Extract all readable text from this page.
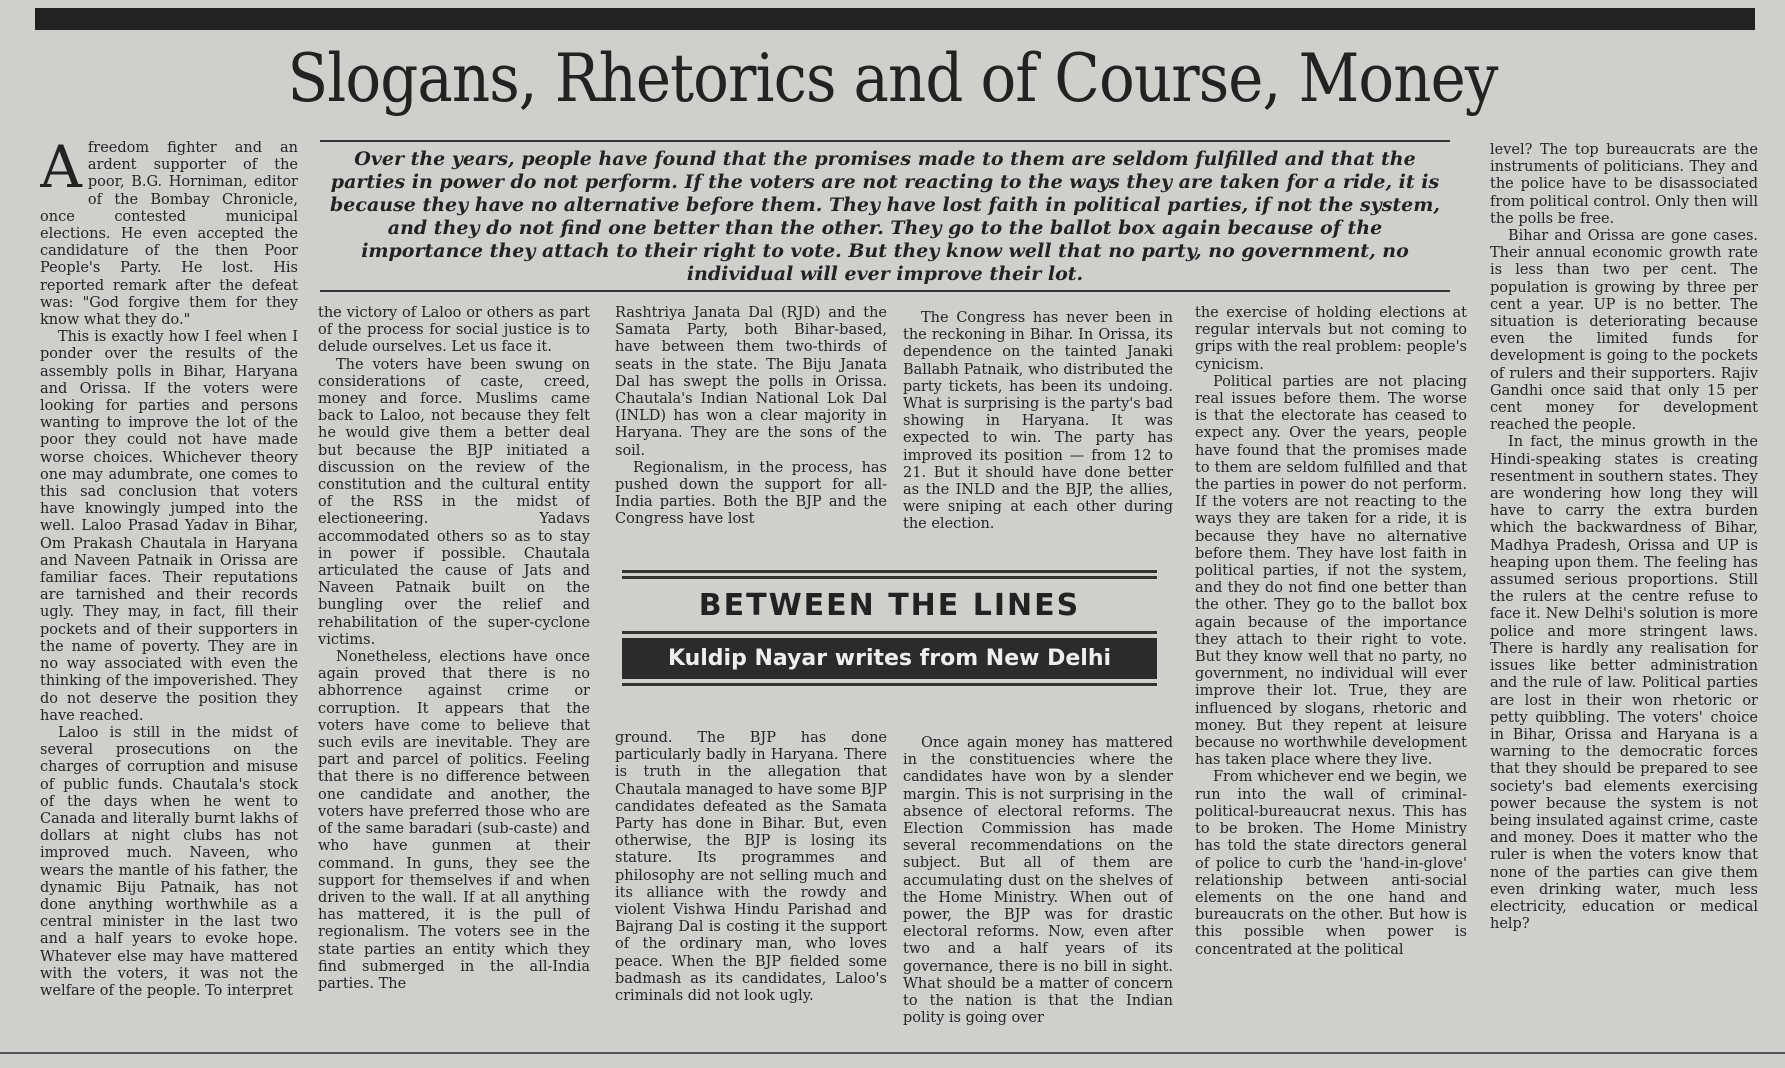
Slogans, Rhetorics and of Course, Money

Afreedom fighter and an ardent supporter of the poor, B.G. Horniman, editor of the Bombay Chronicle, once contested municipal elections. He even accepted the candidature of the then Poor People's Party. He lost. His reported remark after the defeat was: "God forgive them for they know what they do."

This is exactly how I feel when I ponder over the results of the assembly polls in Bihar, Haryana and Orissa. If the voters were looking for parties and persons wanting to improve the lot of the poor they could not have made worse choices. Whichever theory one may adumbrate, one comes to this sad conclusion that voters have knowingly jumped into the well. Laloo Prasad Yadav in Bihar, Om Prakash Chautala in Haryana and Naveen Patnaik in Orissa are familiar faces. Their reputations are tarnished and their records ugly. They may, in fact, fill their pockets and of their supporters in the name of poverty. They are in no way associated with even the thinking of the impoverished. They do not deserve the position they have reached.

Laloo is still in the midst of several prosecutions on the charges of corruption and misuse of public funds. Chautala's stock of the days when he went to Canada and literally burnt lakhs of dollars at night clubs has not improved much. Naveen, who wears the mantle of his father, the dynamic Biju Patnaik, has not done anything worthwhile as a central minister in the last two and a half years to evoke hope. Whatever else may have mattered with the voters, it was not the welfare of the people. To interpret

Over the years, people have found that the promises made to them are seldom fulfilled and that the parties in power do not perform. If the voters are not reacting to the ways they are taken for a ride, it is because they have no alternative before them. They have lost faith in political parties, if not the system, and they do not find one better than the other. They go to the ballot box again because of the importance they attach to their right to vote. But they know well that no party, no government, no individual will ever improve their lot.

the victory of Laloo or others as part of the process for social justice is to delude ourselves. Let us face it.

The voters have been swung on considerations of caste, creed, money and force. Muslims came back to Laloo, not because they felt he would give them a better deal but because the BJP initiated a discussion on the review of the constitution and the cultural entity of the RSS in the midst of electioneering. Yadavs accommodated others so as to stay in power if possible. Chautala articulated the cause of Jats and Naveen Patnaik built on the bungling over the relief and rehabilitation of the super-cyclone victims.

Nonetheless, elections have once again proved that there is no abhorrence against crime or corruption. It appears that the voters have come to believe that such evils are inevitable. They are part and parcel of politics. Feeling that there is no difference between one candidate and another, the voters have preferred those who are of the same baradari (sub-caste) and who have gunmen at their command. In guns, they see the support for themselves if and when driven to the wall. If at all anything has mattered, it is the pull of regionalism. The voters see in the state parties an entity which they find submerged in the all-India parties. The

Rashtriya Janata Dal (RJD) and the Samata Party, both Bihar-based, have between them two-thirds of seats in the state. The Biju Janata Dal has swept the polls in Orissa. Chautala's Indian National Lok Dal (INLD) has won a clear majority in Haryana. They are the sons of the soil.

Regionalism, in the process, has pushed down the support for all-India parties. Both the BJP and the Congress have lost

The Congress has never been in the reckoning in Bihar. In Orissa, its dependence on the tainted Janaki Ballabh Patnaik, who distributed the party tickets, has been its undoing. What is surprising is the party's bad showing in Haryana. It was expected to win. The party has improved its position — from 12 to 21. But it should have done better as the INLD and the BJP, the allies, were sniping at each other during the election.

BETWEEN THE LINES
Kuldip Nayar writes from New Delhi

ground. The BJP has done particularly badly in Haryana. There is truth in the allegation that Chautala managed to have some BJP candidates defeated as the Samata Party has done in Bihar. But, even otherwise, the BJP is losing its stature. Its programmes and philosophy are not selling much and its alliance with the rowdy and violent Vishwa Hindu Parishad and Bajrang Dal is costing it the support of the ordinary man, who loves peace. When the BJP fielded some badmash as its candidates, Laloo's criminals did not look ugly.

Once again money has mattered in the constituencies where the candidates have won by a slender margin. This is not surprising in the absence of electoral reforms. The Election Commission has made several recommendations on the subject. But all of them are accumulating dust on the shelves of the Home Ministry. When out of power, the BJP was for drastic electoral reforms. Now, even after two and a half years of its governance, there is no bill in sight. What should be a matter of concern to the nation is that the Indian polity is going over

the exercise of holding elections at regular intervals but not coming to grips with the real problem: people's cynicism.

Political parties are not placing real issues before them. The worse is that the electorate has ceased to expect any. Over the years, people have found that the promises made to them are seldom fulfilled and that the parties in power do not perform. If the voters are not reacting to the ways they are taken for a ride, it is because they have no alternative before them. They have lost faith in political parties, if not the system, and they do not find one better than the other. They go to the ballot box again because of the importance they attach to their right to vote. But they know well that no party, no government, no individual will ever improve their lot. True, they are influenced by slogans, rhetoric and money. But they repent at leisure because no worthwhile development has taken place where they live.

From whichever end we begin, we run into the wall of criminal-political-bureaucrat nexus. This has to be broken. The Home Ministry has told the state directors general of police to curb the 'hand-in-glove' relationship between anti-social elements on the one hand and bureaucrats on the other. But how is this possible when power is concentrated at the political

level? The top bureaucrats are the instruments of politicians. They and the police have to be disassociated from political control. Only then will the polls be free.

Bihar and Orissa are gone cases. Their annual economic growth rate is less than two per cent. The population is growing by three per cent a year. UP is no better. The situation is deteriorating because even the limited funds for development is going to the pockets of rulers and their supporters. Rajiv Gandhi once said that only 15 per cent money for development reached the people.

In fact, the minus growth in the Hindi-speaking states is creating resentment in southern states. They are wondering how long they will have to carry the extra burden which the backwardness of Bihar, Madhya Pradesh, Orissa and UP is heaping upon them. The feeling has assumed serious proportions. Still the rulers at the centre refuse to face it. New Delhi's solution is more police and more stringent laws. There is hardly any realisation for issues like better administration and the rule of law. Political parties are lost in their won rhetoric or petty quibbling. The voters' choice in Bihar, Orissa and Haryana is a warning to the democratic forces that they should be prepared to see society's bad elements exercising power because the system is not being insulated against crime, caste and money. Does it matter who the ruler is when the voters know that none of the parties can give them even drinking water, much less electricity, education or medical help?
